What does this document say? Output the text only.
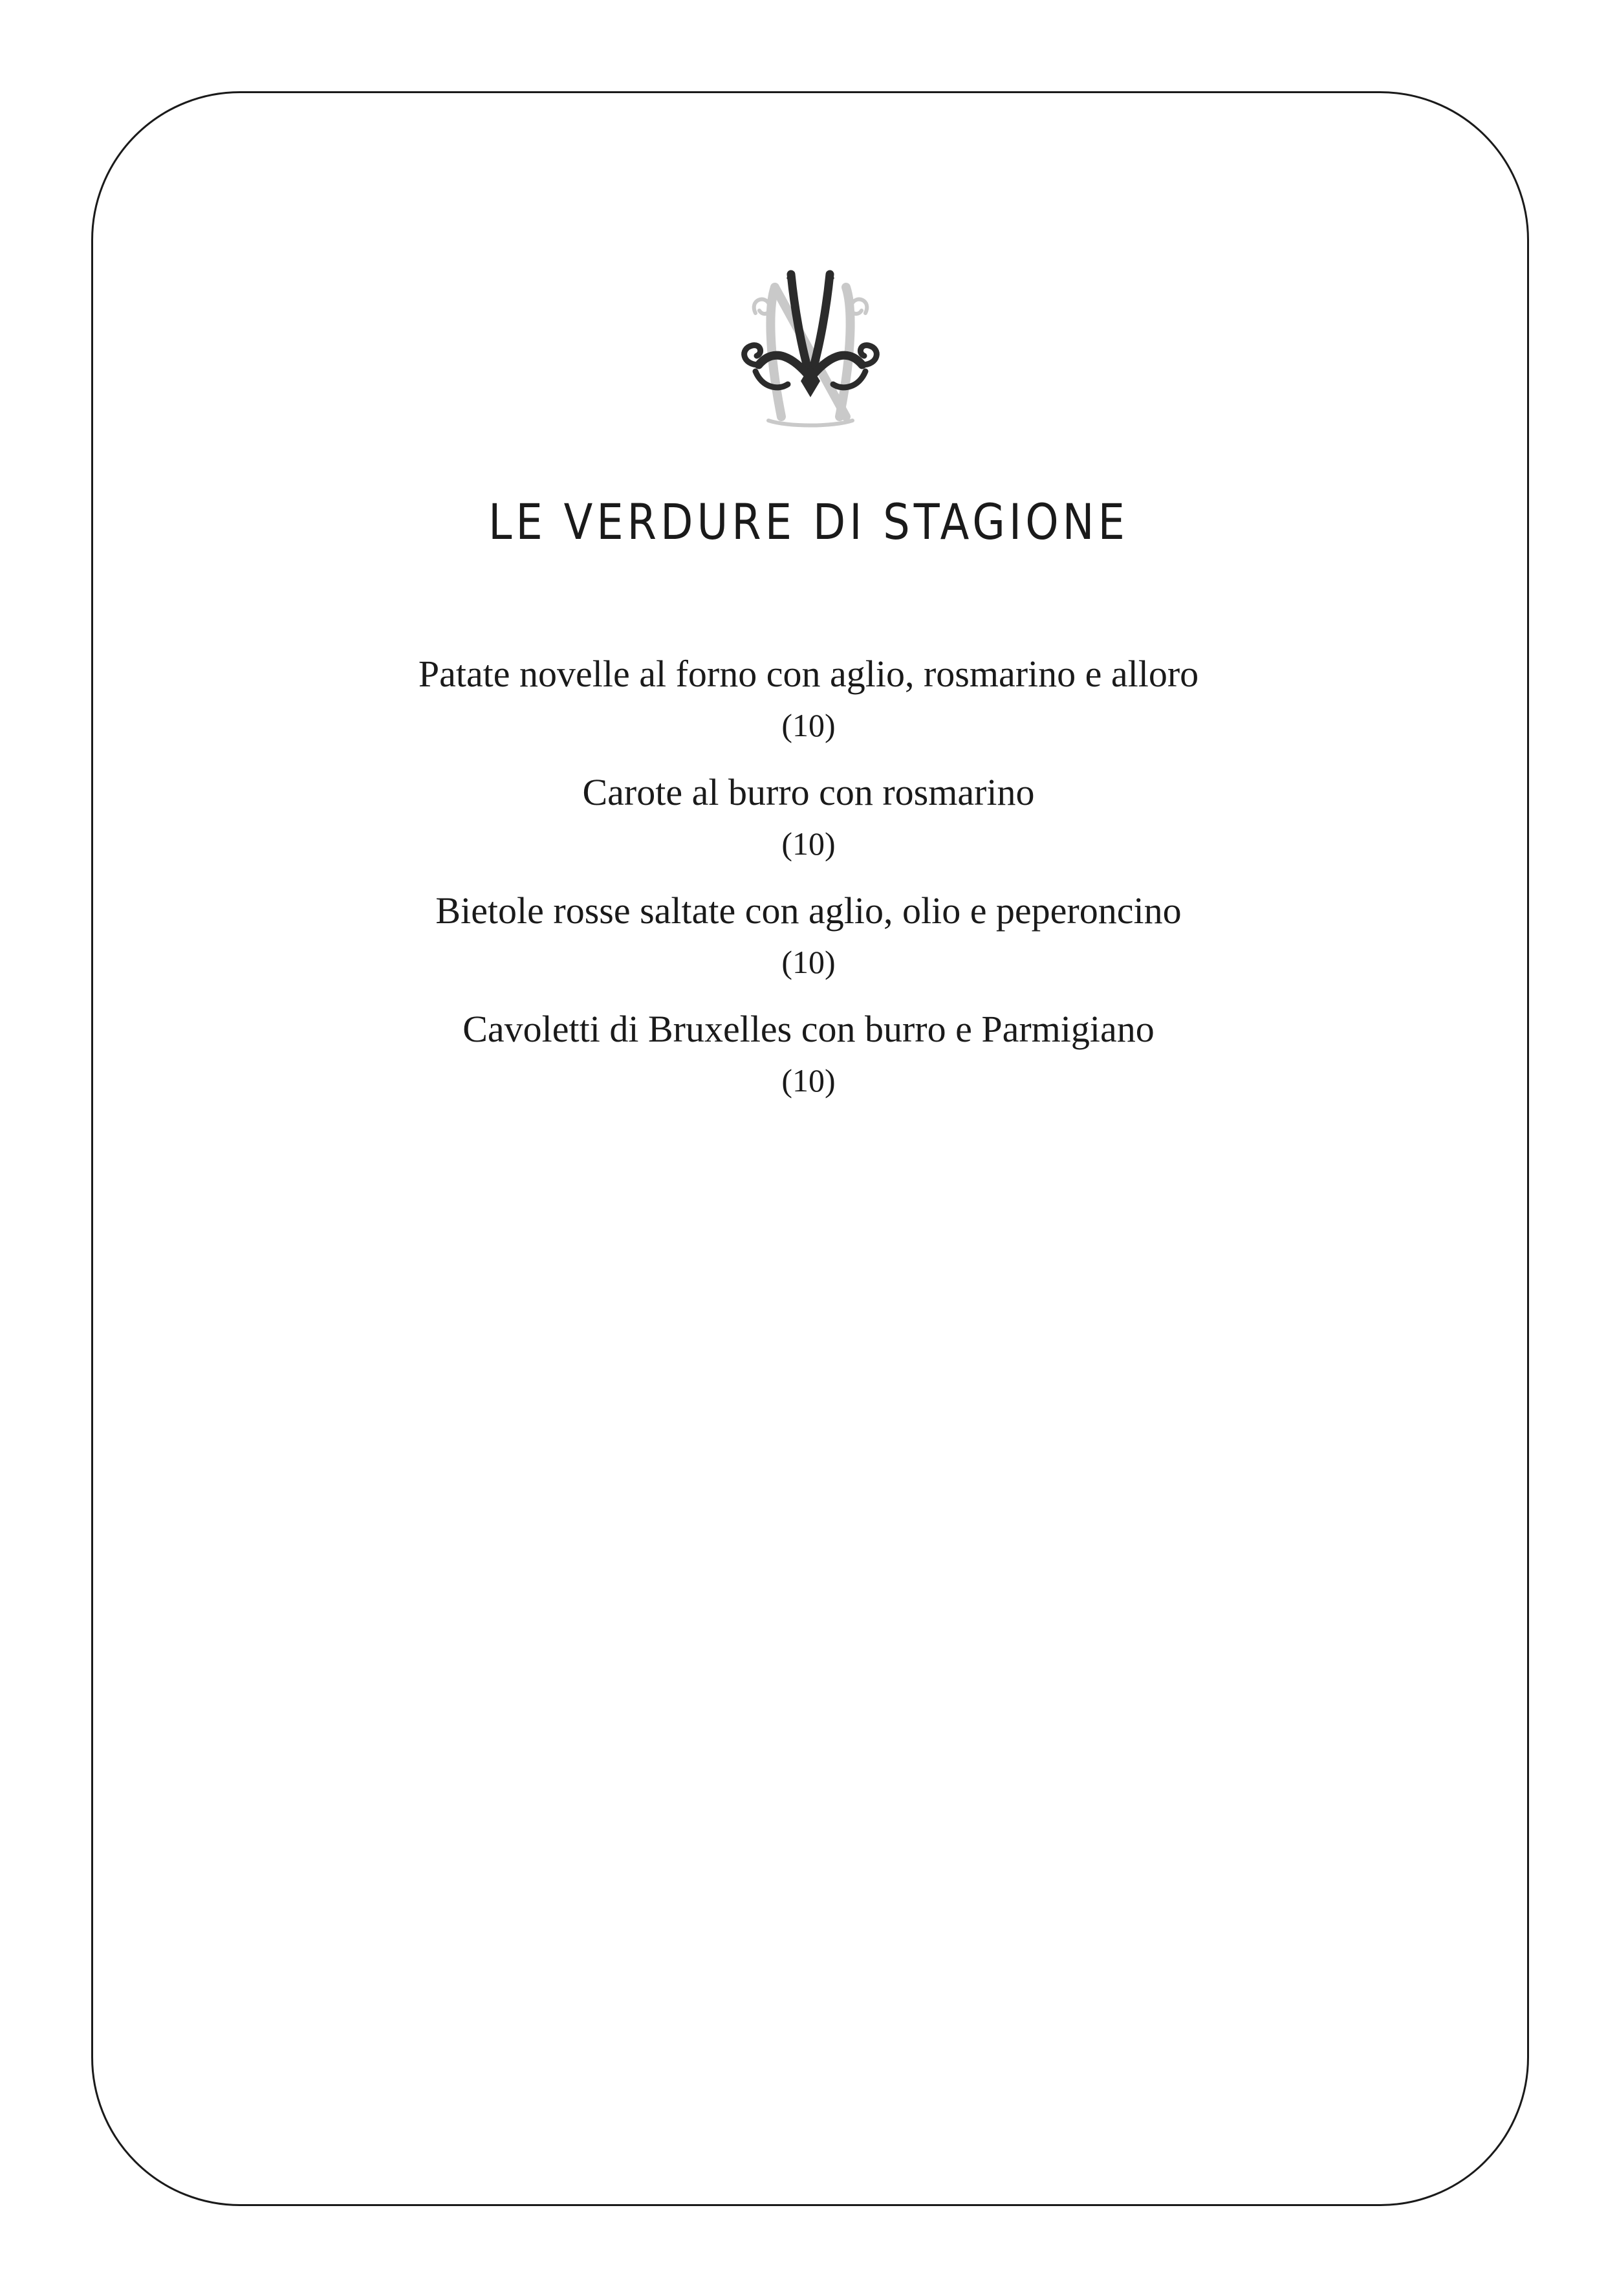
LE VERDURE DI STAGIONE
Patate novelle al forno con aglio, rosmarino e alloro
(10)
Carote al burro con rosmarino
(10)
Bietole rosse saltate con aglio, olio e peperoncino
(10)
Cavoletti di Bruxelles con burro e Parmigiano
(10)
